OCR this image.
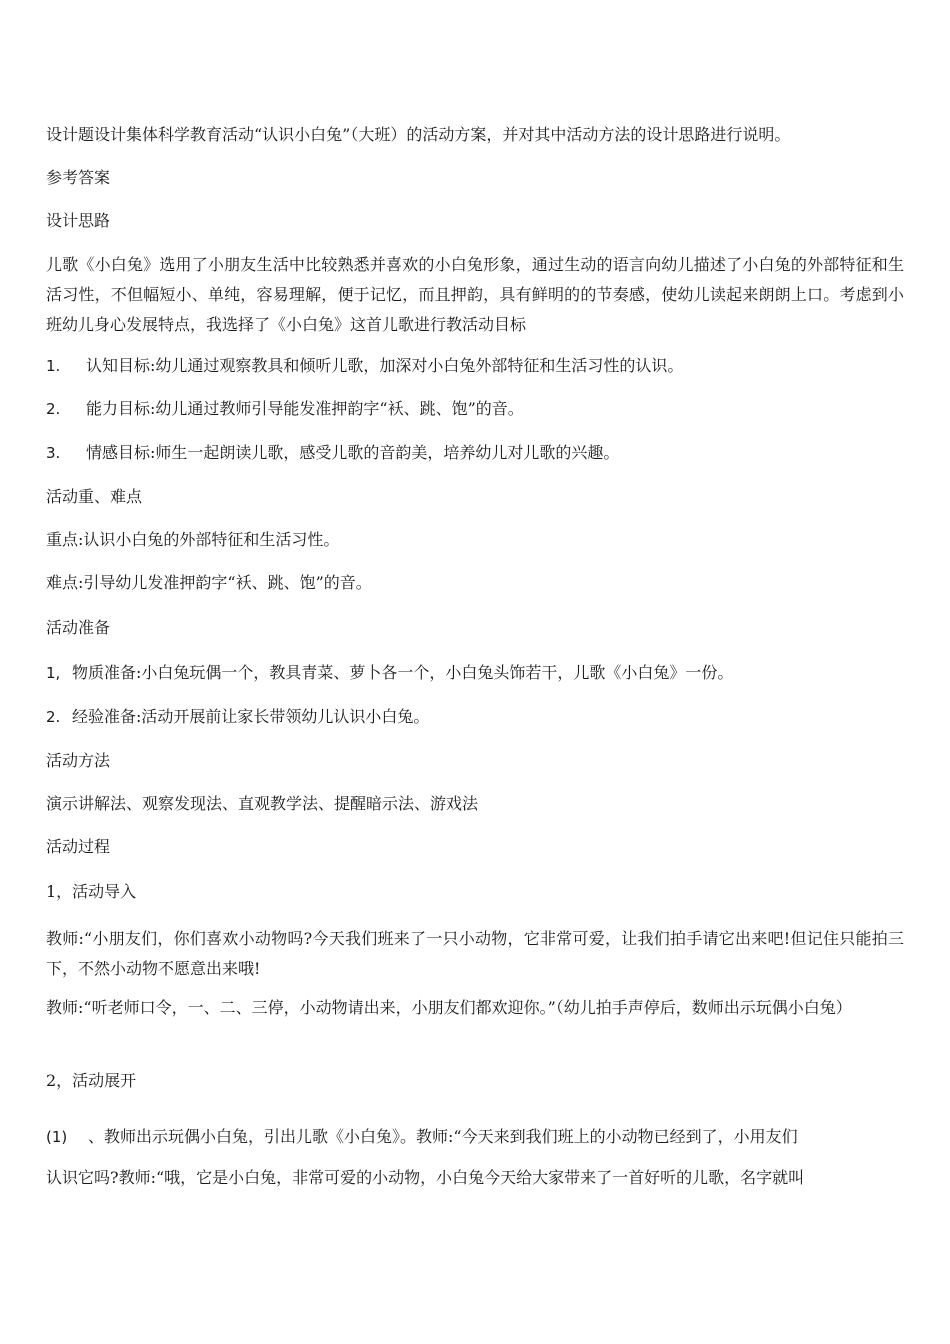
设计题设计集体科学教育活动“认识小白兔”（大班）的活动方案，并对其中活动方法的设计思路进行说明。
参考答案
设计思路
儿歌《小白兔》选用了小朋友生活中比较熟悉并喜欢的小白兔形象，通过生动的语言向幼儿描述了小白兔的外部特征和生活习性，不但幅短小、单纯，容易理解，便于记忆，而且押韵，具有鲜明的的节奏感，使幼儿读起来朗朗上口。考虑到小班幼儿身心发展特点，我选择了《小白兔》这首儿歌进行教活动目标
1. 认知目标:幼儿通过观察教具和倾听儿歌，加深对小白兔外部特征和生活习性的认识。
2. 能力目标:幼儿通过教师引导能发准押韵字“袄、跳、饱”的音。
3. 情感目标:师生一起朗读儿歌，感受儿歌的音韵美，培养幼儿对儿歌的兴趣。
活动重、难点
重点:认识小白兔的外部特征和生活习性。
难点:引导幼儿发准押韵字“袄、跳、饱”的音。
活动准备
1, 物质准备:小白兔玩偶一个，教具青菜、萝卜各一个，小白兔头饰若干，儿歌《小白兔》一份。
2. 经验准备:活动开展前让家长带领幼儿认识小白兔。
活动方法
演示讲解法、观察发现法、直观教学法、提醒暗示法、游戏法
活动过程
1，活动导入
教师:“小朋友们，你们喜欢小动物吗?今天我们班来了一只小动物，它非常可爱，让我们拍手请它出来吧!但记住只能拍三下，不然小动物不愿意出来哦!
教师:“听老师口令，一、二、三停，小动物请出来，小朋友们都欢迎你。”（幼儿拍手声停后，数师出示玩偶小白兔）
2，活动展开
(1) 、教师出示玩偶小白兔，引出儿歌《小白兔》。教师:“今天来到我们班上的小动物已经到了，小用友们
认识它吗?教师:“哦，它是小白兔，非常可爱的小动物，小白兔今天给大家带来了一首好听的儿歌，名字就叫
